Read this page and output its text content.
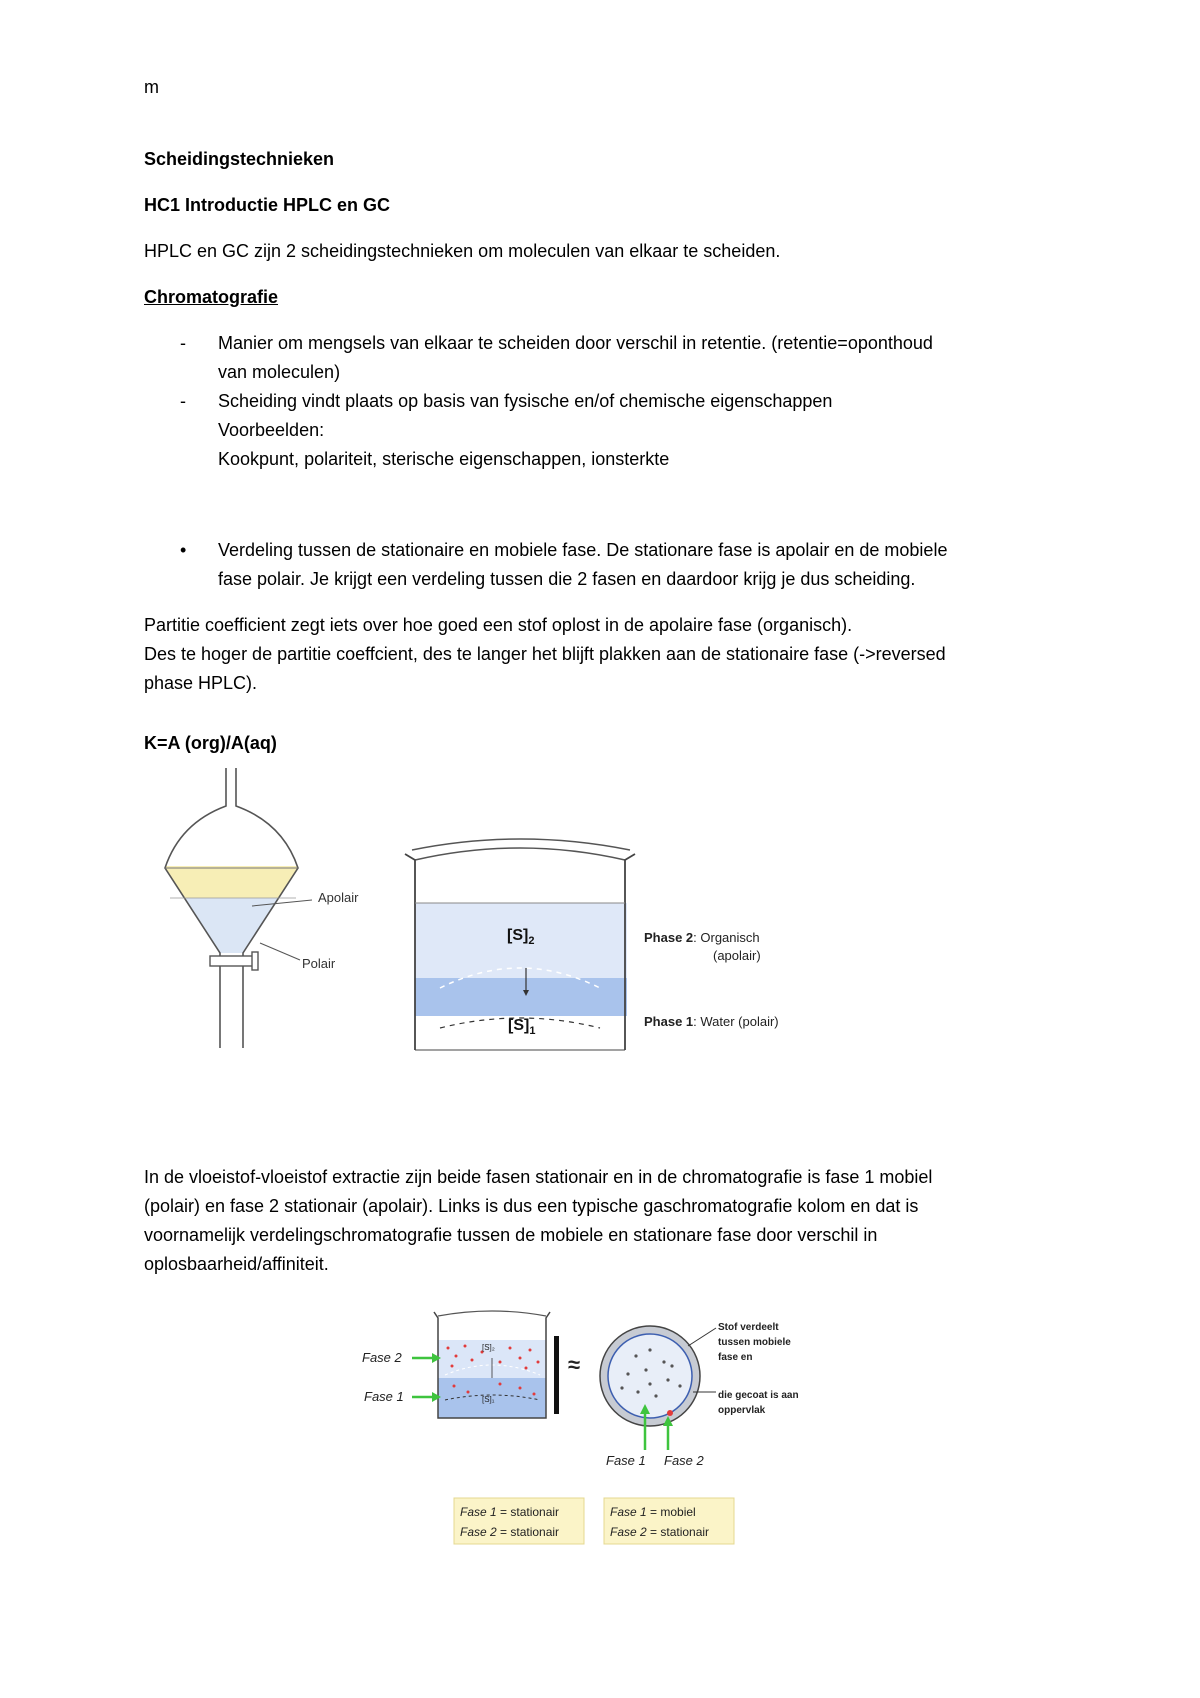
m
Scheidingstechnieken
HC1 Introductie HPLC en GC
HPLC en GC zijn 2 scheidingstechnieken om moleculen van elkaar te scheiden.
Chromatografie
- Manier om mengsels van elkaar te scheiden door verschil in retentie. (retentie=oponthoud
van moleculen)
- Scheiding vindt plaats op basis van fysische en/of chemische eigenschappen
Voorbeelden:
Kookpunt, polariteit, sterische eigenschappen, ionsterkte
• Verdeling tussen de stationaire en mobiele fase. De stationare fase is apolair en de mobiele
fase polair. Je krijgt een verdeling tussen die 2 fasen en daardoor krijg je dus scheiding.
Partitie coefficient zegt iets over hoe goed een stof oplost in de apolaire fase (organisch).
Des te hoger de partitie coeffcient, des te langer het blijft plakken aan de stationaire fase (->reversed
phase HPLC).
K=A (org)/A(aq)
Apolair
Polair
$[S]_2$
$[S]_1$
Phase 2: Organisch
(apolair)
Phase 1: Water (polair)
In de vloeistof-vloeistof extractie zijn beide fasen stationair en in de chromatografie is fase 1 mobiel
(polair) en fase 2 stationair (apolair). Links is dus een typische gaschromatografie kolom en dat is
voornamelijk verdelingschromatografie tussen de mobiele en stationare fase door verschil in
oplosbaarheid/affiniteit.
[S]₂
[S]₁
Fase 2
Fase 1
≈
Stof verdeelt tussen mobiele fase en
die gecoat is aan oppervlak
Fase 1 Fase 2
Fase 1 = stationair
Fase 2 = stationair
Fase 1 = mobiel
Fase 2 = stationair
